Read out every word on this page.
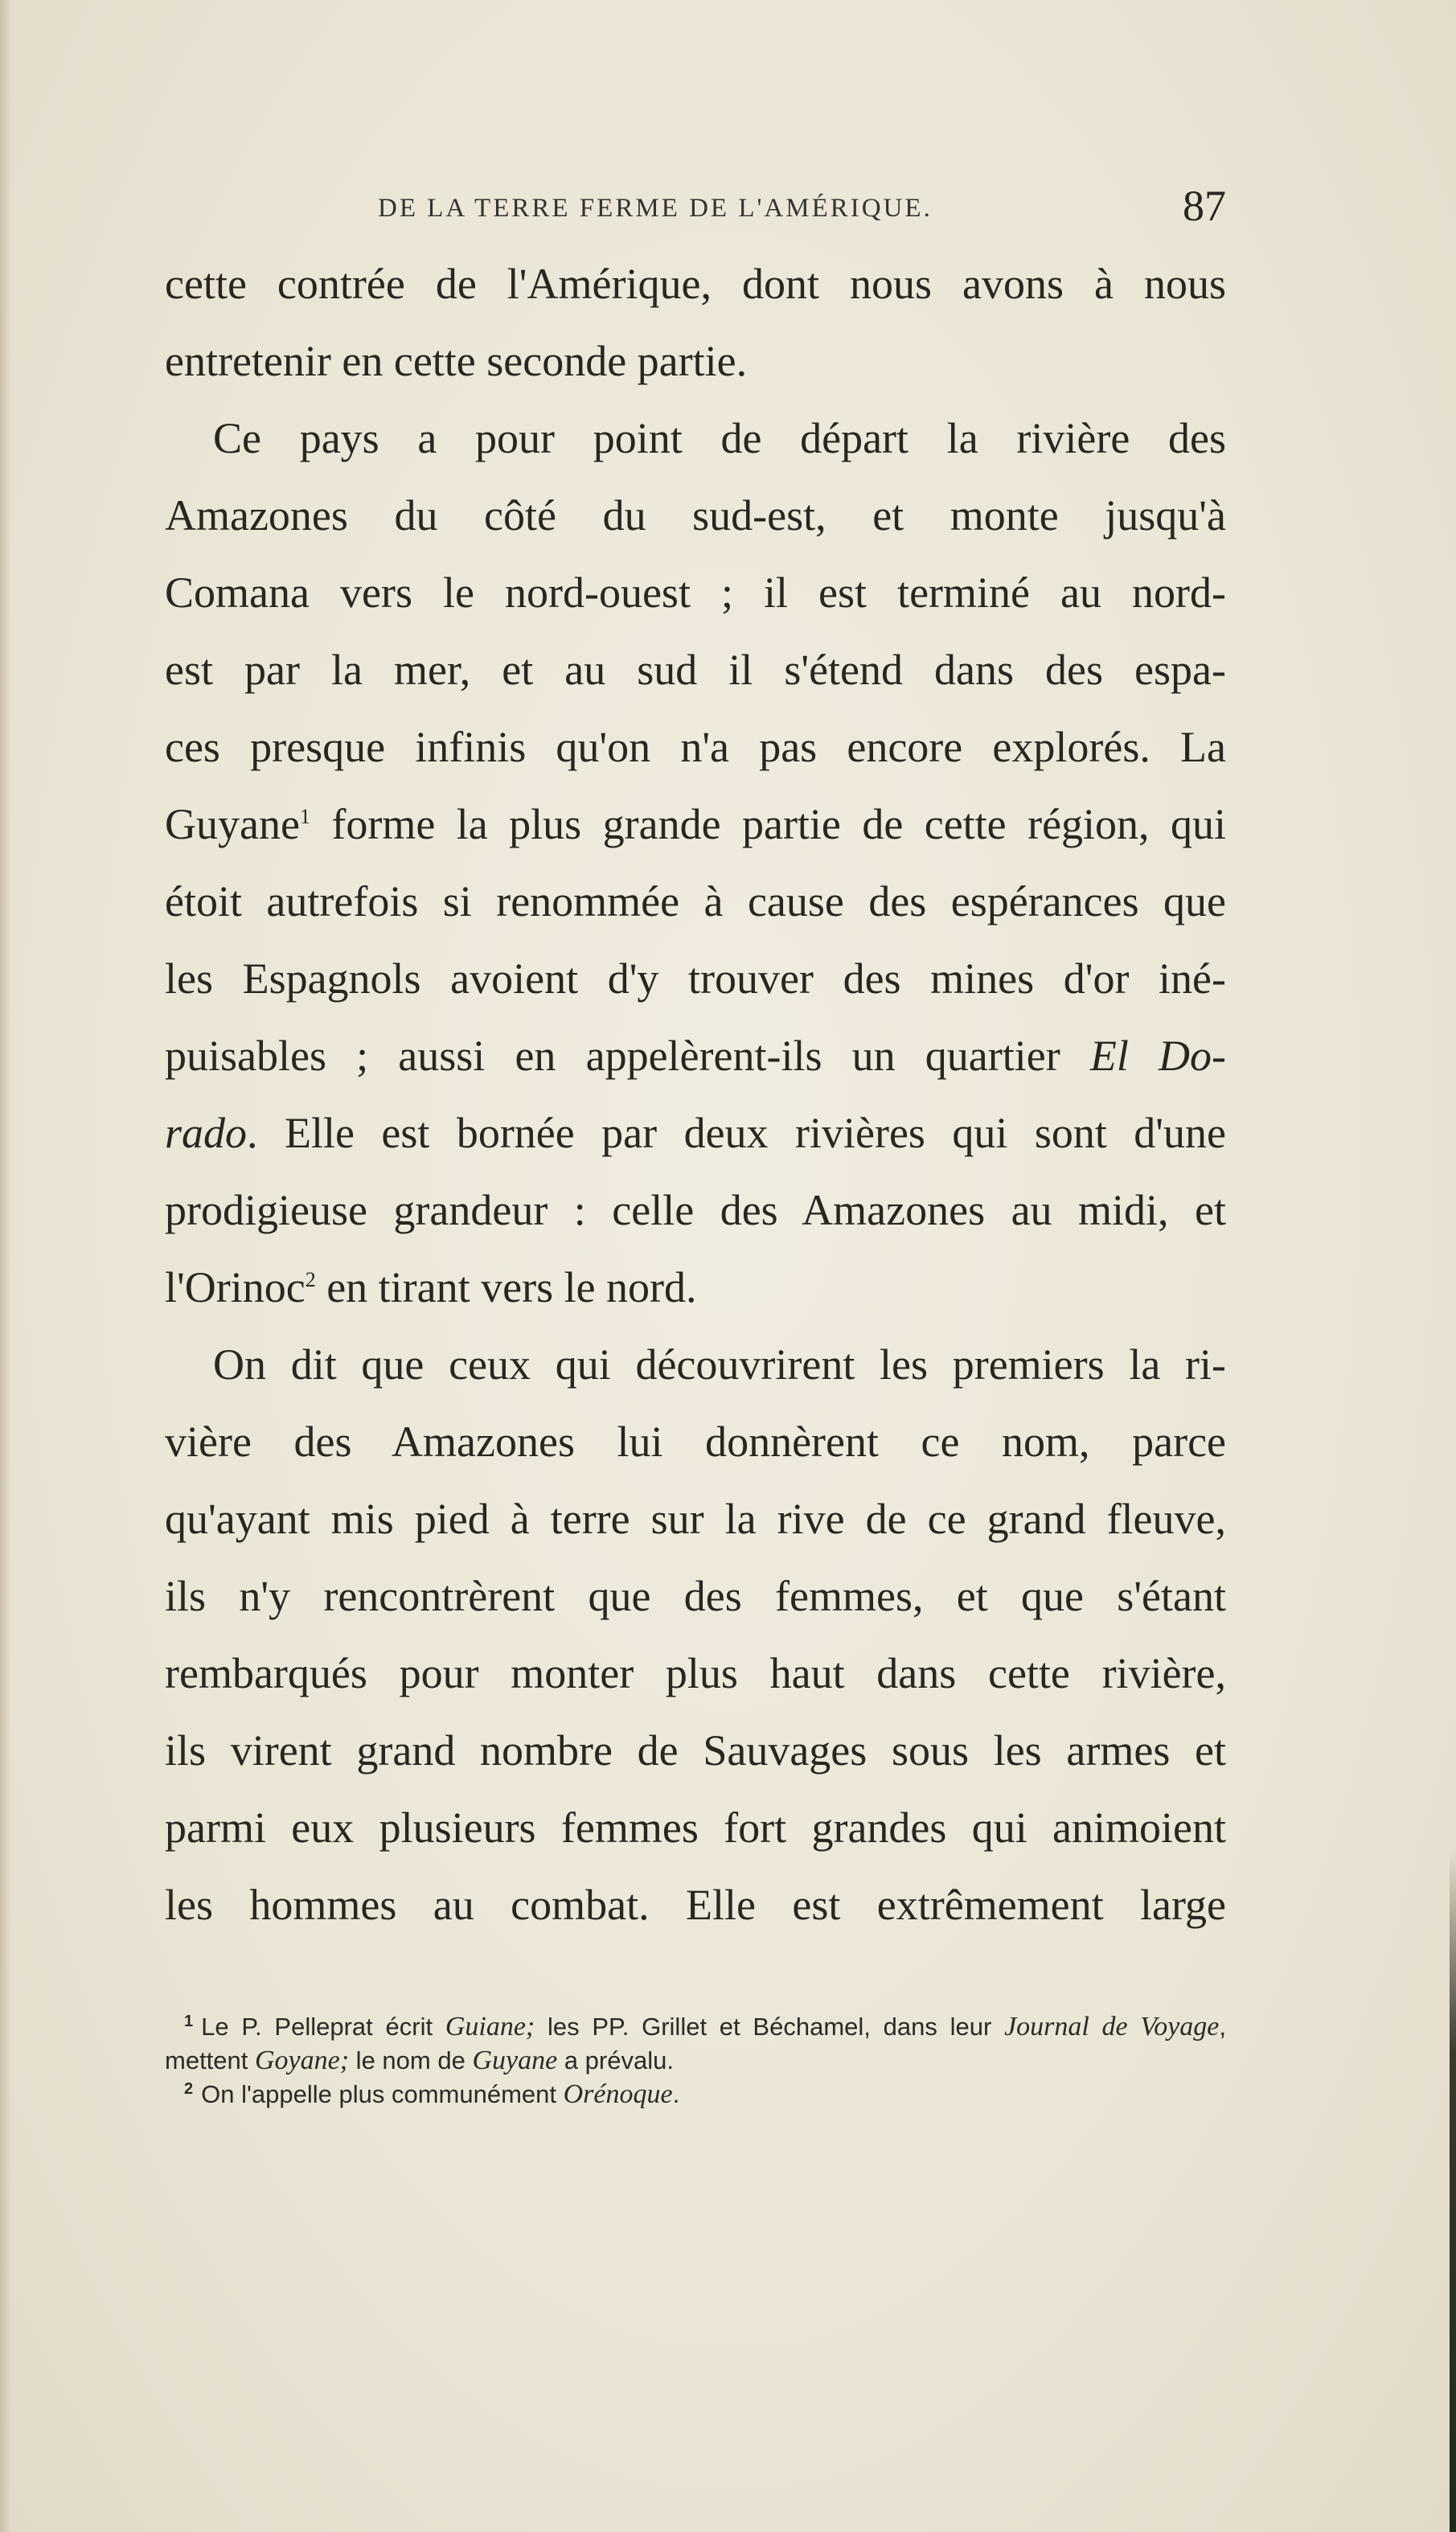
DE LA TERRE FERME DE L'AMÉRIQUE.	87

cette contrée de l'Amérique, dont nous avons à nous

entretenir en cette seconde partie.

Ce pays a pour point de départ la rivière des

Amazones du côté du sud-est, et monte jusqu'à

Comana vers le nord-ouest ; il est terminé au nord-

est par la mer, et au sud il s'étend dans des espa-

ces presque infinis qu'on n'a pas encore explorés. La

Guyane$^1$ forme la plus grande partie de cette région, qui

étoit autrefois si renommée à cause des espérances que

les Espagnols avoient d'y trouver des mines d'or iné-

puisables ; aussi en appelèrent-ils un quartier El Do-

rado. Elle est bornée par deux rivières qui sont d'une

prodigieuse grandeur : celle des Amazones au midi, et

l'Orinoc$^2$ en tirant vers le nord.

On dit que ceux qui découvrirent les premiers la ri-

vière des Amazones lui donnèrent ce nom, parce

qu'ayant mis pied à terre sur la rive de ce grand fleuve,

ils n'y rencontrèrent que des femmes, et que s'étant

rembarqués pour monter plus haut dans cette rivière,

ils virent grand nombre de Sauvages sous les armes et

parmi eux plusieurs femmes fort grandes qui animoient

les hommes au combat. Elle est extrêmement large

$^1$ Le P. Pelleprat écrit Guiane; les PP. Grillet et Béchamel, dans leur Journal de Voyage, mettent Goyane; le nom de Guyane a prévalu.

$^2$ On l'appelle plus communément Orénoque.
